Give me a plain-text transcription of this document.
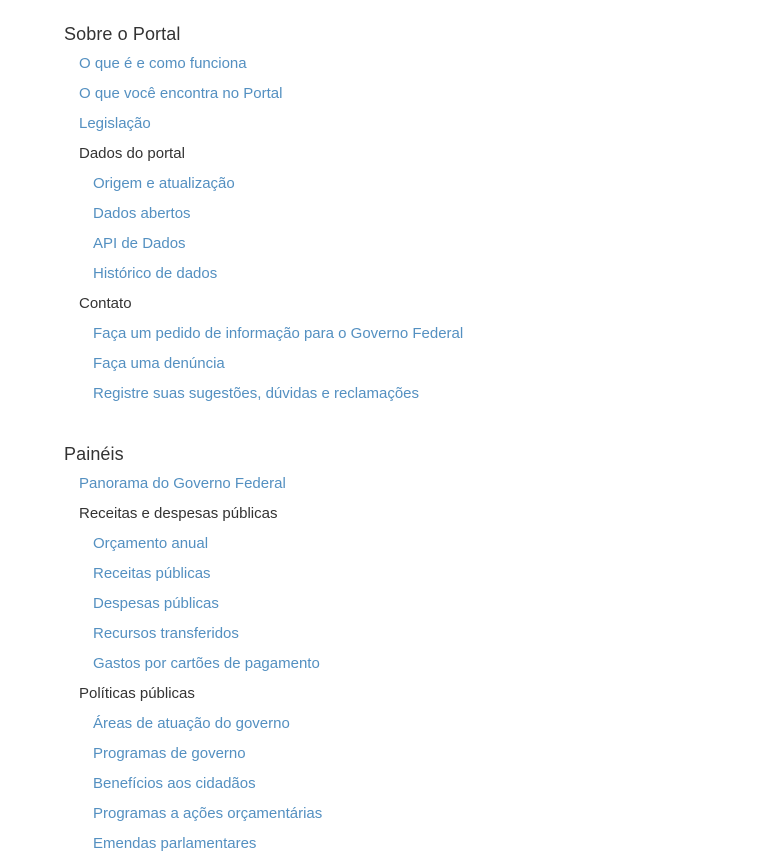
Sobre o Portal
O que é e como funciona
O que você encontra no Portal
Legislação
Dados do portal
Origem e atualização
Dados abertos
API de Dados
Histórico de dados
Contato
Faça um pedido de informação para o Governo Federal
Faça uma denúncia
Registre suas sugestões, dúvidas e reclamações
Painéis
Panorama do Governo Federal
Receitas e despesas públicas
Orçamento anual
Receitas públicas
Despesas públicas
Recursos transferidos
Gastos por cartões de pagamento
Políticas públicas
Áreas de atuação do governo
Programas de governo
Benefícios aos cidadãos
Programas a ações orçamentárias
Emendas parlamentares
